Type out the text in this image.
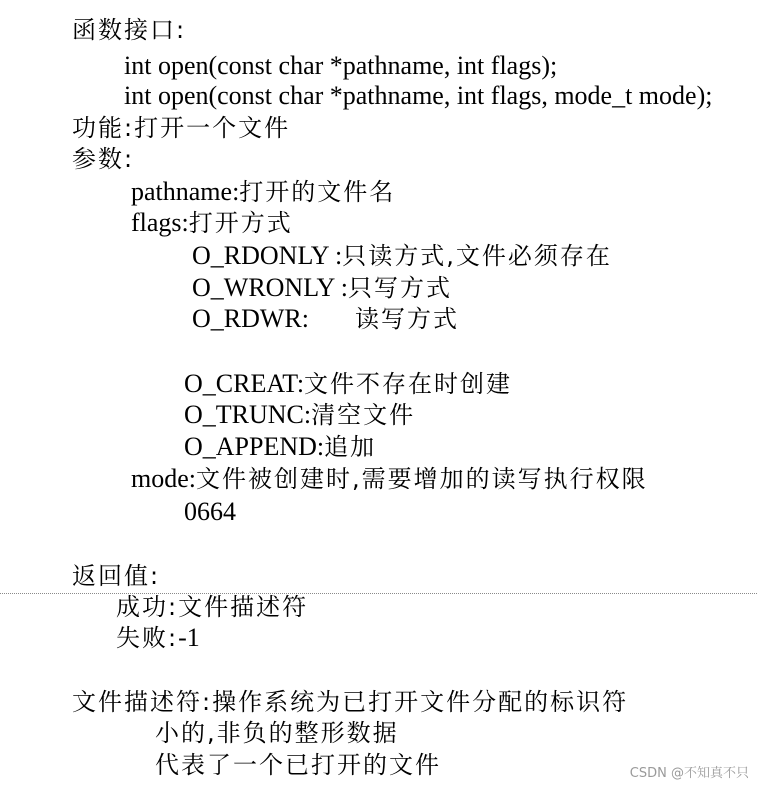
函数接口:
int open(const char *pathname, int flags);
int open(const char *pathname, int flags, mode_t mode);
功能:打开一个文件
参数:
pathname:打开的文件名
flags:打开方式
O_RDONLY :只读方式,文件必须存在
O_WRONLY :只写方式
O_RDWR: 读写方式
O_CREAT:文件不存在时创建
O_TRUNC:清空文件
O_APPEND:追加
mode:文件被创建时,需要增加的读写执行权限
0664
返回值:
成功:文件描述符
失败:-1
文件描述符:操作系统为已打开文件分配的标识符
小的,非负的整形数据
代表了一个已打开的文件	CSDN @不知真不只
